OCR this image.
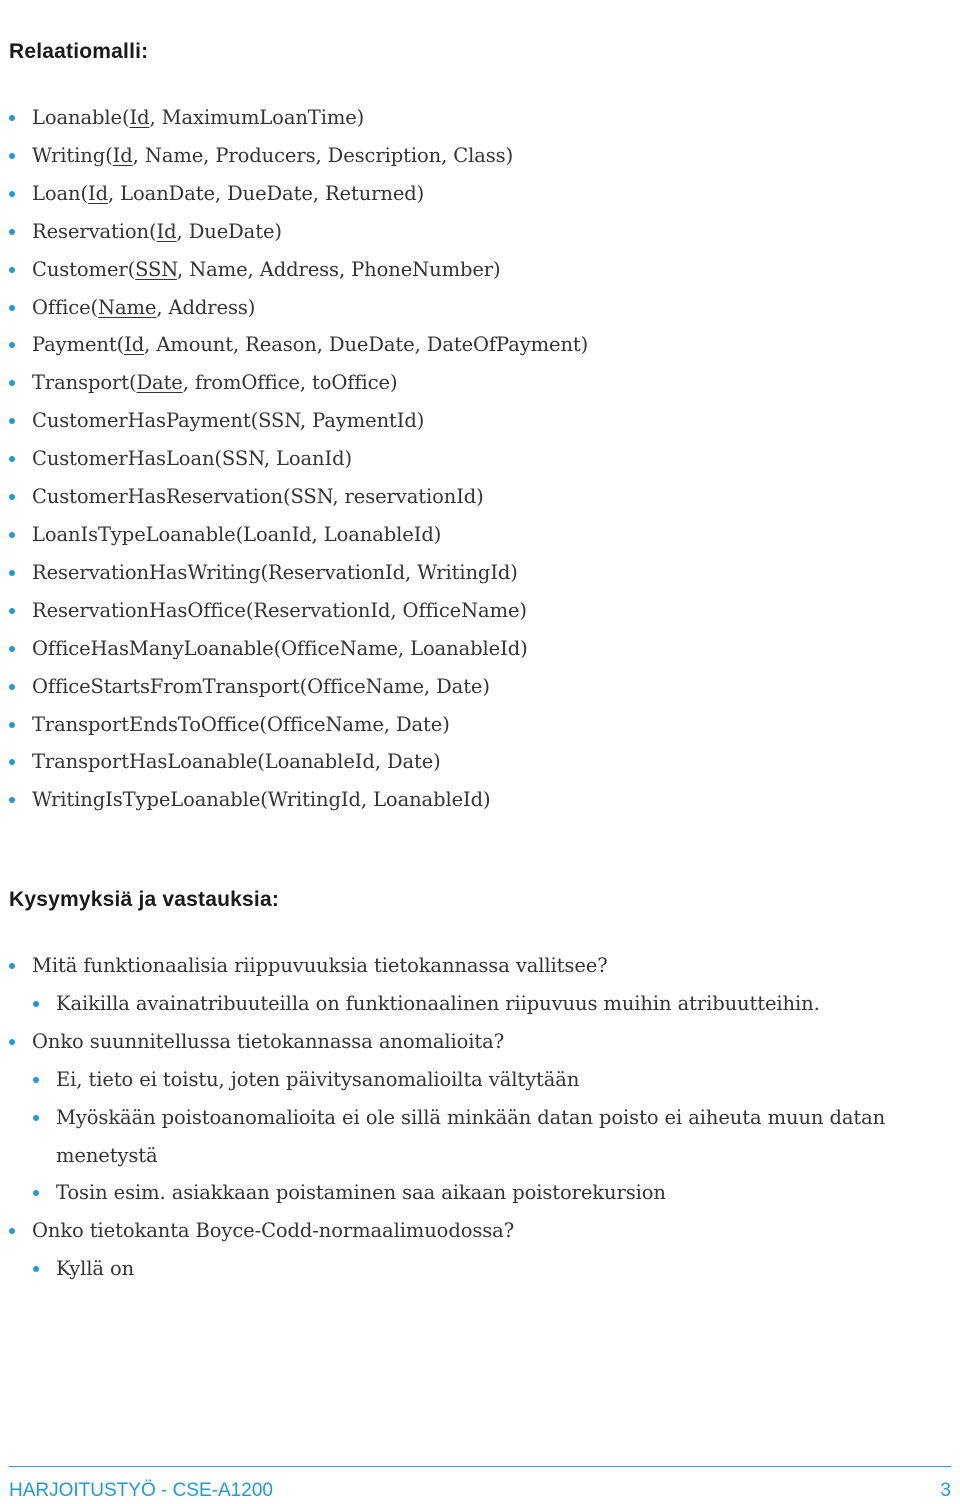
Relaatiomalli:
Loanable(Id, MaximumLoanTime)
Writing(Id, Name, Producers, Description, Class)
Loan(Id, LoanDate, DueDate, Returned)
Reservation(Id, DueDate)
Customer(SSN, Name, Address, PhoneNumber)
Office(Name, Address)
Payment(Id, Amount, Reason, DueDate, DateOfPayment)
Transport(Date, fromOffice, toOffice)
CustomerHasPayment(SSN, PaymentId)
CustomerHasLoan(SSN, LoanId)
CustomerHasReservation(SSN, reservationId)
LoanIsTypeLoanable(LoanId, LoanableId)
ReservationHasWriting(ReservationId, WritingId)
ReservationHasOffice(ReservationId, OfficeName)
OfficeHasManyLoanable(OfficeName, LoanableId)
OfficeStartsFromTransport(OfficeName, Date)
TransportEndsToOffice(OfficeName, Date)
TransportHasLoanable(LoanableId, Date)
WritingIsTypeLoanable(WritingId, LoanableId)
Kysymyksiä ja vastauksia:
Mitä funktionaalisia riippuvuuksia tietokannassa vallitsee?
Kaikilla avainatribuuteilla on funktionaalinen riipuvuus muihin atribuutteihin.
Onko suunnitellussa tietokannassa anomalioita?
Ei, tieto ei toistu, joten päivitysanomalioilta vältytään
Myöskään poistoanomalioita ei ole sillä minkään datan poisto ei aiheuta muun datan menetystä
Tosin esim. asiakkaan poistaminen saa aikaan poistorekursion
Onko tietokanta Boyce-Codd-normaalimuodossa?
Kyllä on
HARJOITUSTYÖ - CSE-A1200	3
